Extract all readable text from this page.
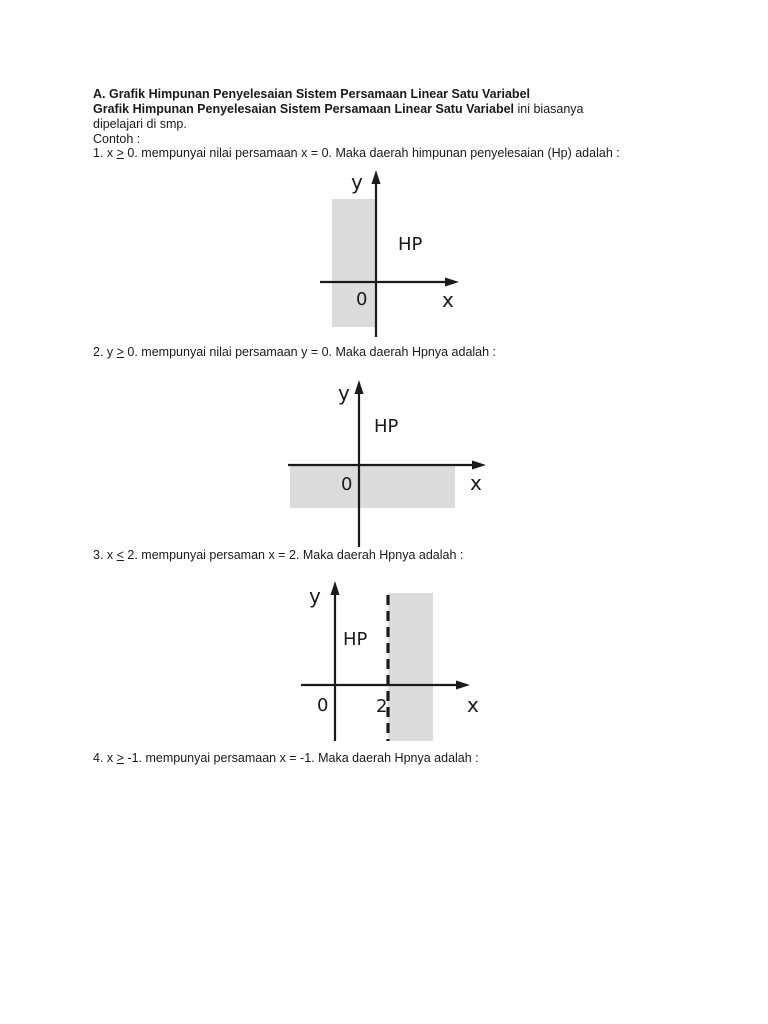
A. Grafik Himpunan Penyelesaian Sistem Persamaan Linear Satu Variabel
Grafik Himpunan Penyelesaian Sistem Persamaan Linear Satu Variabel ini biasanya
dipelajari di smp.
Contoh :
1. x > 0. mempunyai nilai persamaan x = 0. Maka daerah himpunan penyelesaian (Hp) adalah :
y
HP
0	x
2. y > 0. mempunyai nilai persamaan y = 0. Maka daerah Hpnya adalah :
y
HP
0	x
3. x < 2. mempunyai persaman x = 2. Maka daerah Hpnya adalah :
y
HP
0	2	x
4. x > -1. mempunyai persamaan x = -1. Maka daerah Hpnya adalah :
